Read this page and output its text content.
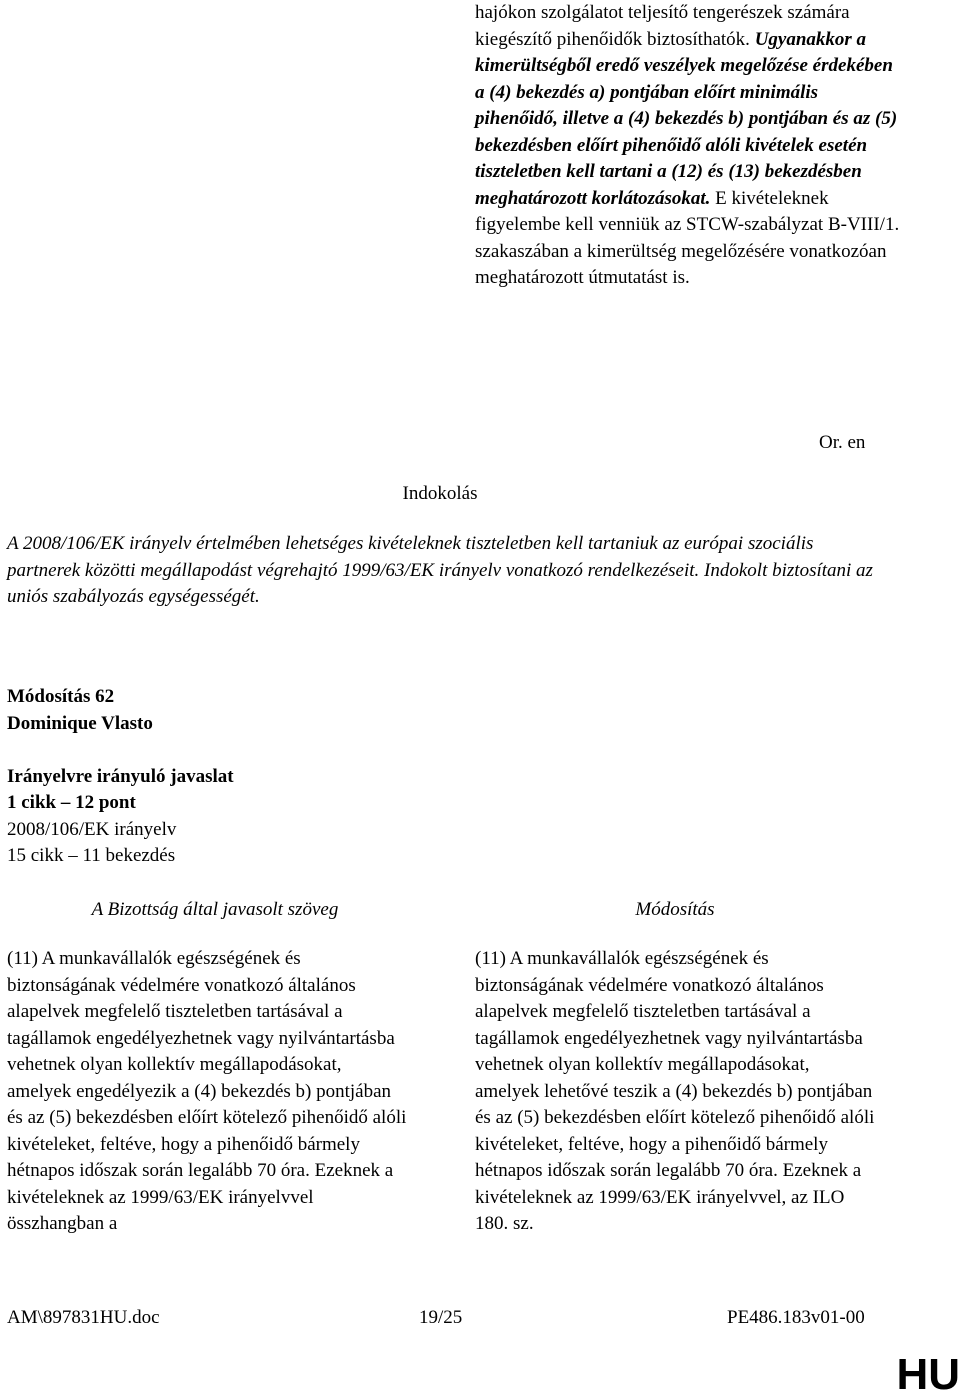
hajókon szolgálatot teljesítő tengerészek számára kiegészítő pihenőidők biztosíthatók. Ugyanakkor a kimerültségből eredő veszélyek megelőzése érdekében a (4) bekezdés a) pontjában előírt minimális pihenőidő, illetve a (4) bekezdés b) pontjában és az (5) bekezdésben előírt pihenőidő alóli kivételek esetén tiszteletben kell tartani a (12) és (13) bekezdésben meghatározott korlátozásokat. E kivételeknek figyelembe kell venniük az STCW-szabályzat B-VIII/1. szakaszában a kimerültség megelőzésére vonatkozóan meghatározott útmutatást is.

Or. en
Indokolás

A 2008/106/EK irányelv értelmében lehetséges kivételeknek tiszteletben kell tartaniuk az európai szociális partnerek közötti megállapodást végrehajtó 1999/63/EK irányelv vonatkozó rendelkezéseit. Indokolt biztosítani az uniós szabályozás egységességét.

Módosítás 62
Dominique Vlasto
Irányelvre irányuló javaslat
1 cikk – 12 pont
2008/106/EK irányelv
15 cikk – 11 bekezdés
A Bizottság által javasolt szöveg	Módosítás

(11) A munkavállalók egészségének és biztonságának védelmére vonatkozó általános alapelvek megfelelő tiszteletben tartásával a tagállamok engedélyezhetnek vagy nyilvántartásba vehetnek olyan kollektív megállapodásokat, amelyek engedélyezik a (4) bekezdés b) pontjában és az (5) bekezdésben előírt kötelező pihenőidő alóli kivételeket, feltéve, hogy a pihenőidő bármely hétnapos időszak során legalább 70 óra. Ezeknek a kivételeknek az 1999/63/EK irányelvvel összhangban a

(11) A munkavállalók egészségének és biztonságának védelmére vonatkozó általános alapelvek megfelelő tiszteletben tartásával a tagállamok engedélyezhetnek vagy nyilvántartásba vehetnek olyan kollektív megállapodásokat, amelyek lehetővé teszik a (4) bekezdés b) pontjában és az (5) bekezdésben előírt kötelező pihenőidő alóli kivételeket, feltéve, hogy a pihenőidő bármely hétnapos időszak során legalább 70 óra. Ezeknek a kivételeknek az 1999/63/EK irányelvvel, az ILO 180. sz.

AM\897831HU.doc	19/25	PE486.183v01-00
HU
